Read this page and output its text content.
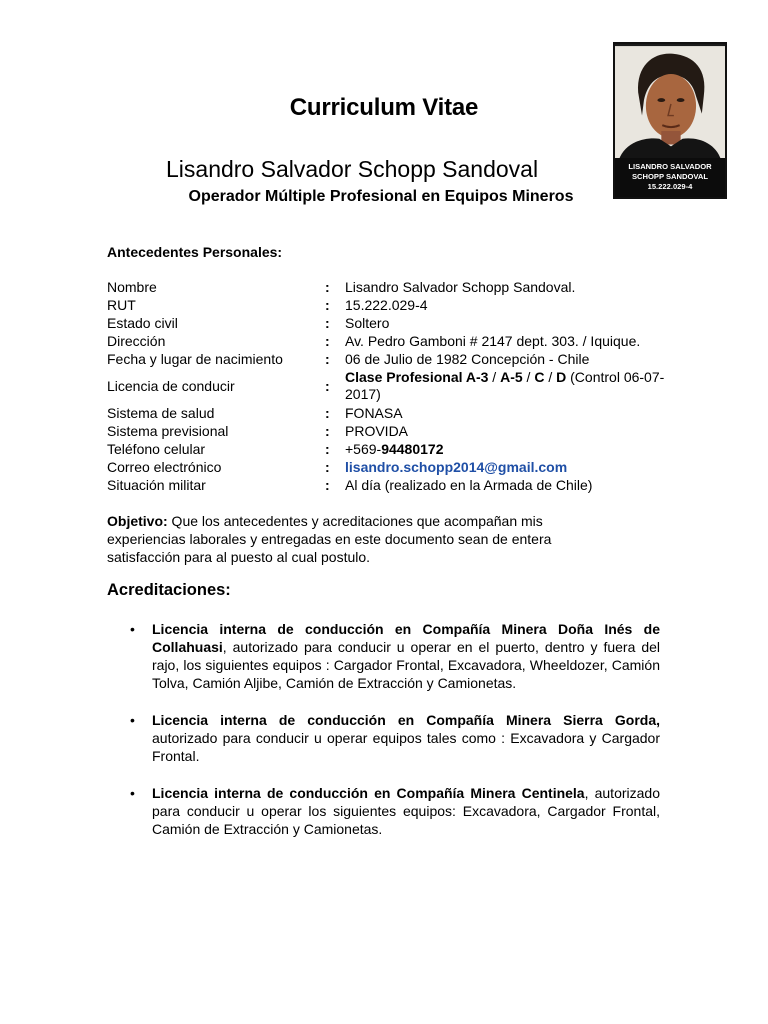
LISANDRO SALVADOR
SCHOPP SANDOVAL
15.222.029-4
Curriculum Vitae
Lisandro Salvador Schopp Sandoval
Operador Múltiple Profesional en Equipos Mineros
Antecedentes Personales:
Nombre	:	Lisandro Salvador Schopp Sandoval.
RUT	:	15.222.029-4
Estado civil	:	Soltero
Dirección	:	Av. Pedro Gamboni # 2147 dept. 303. / Iquique.
Fecha y lugar de nacimiento	:	06 de Julio de 1982 Concepción - Chile
Licencia de conducir	:
Clase Profesional A-3 / A-5 / C / D (Control 06-07-2017)
Sistema de salud	:	FONASA
Sistema previsional	:	PROVIDA
Teléfono celular	:	+569-94480172
Correo electrónico	:	lisandro.schopp2014@gmail.com
Situación militar	:	Al día (realizado en la Armada de Chile)
Objetivo: Que los antecedentes y acreditaciones que acompañan mis experiencias laborales y entregadas en este documento sean de entera satisfacción para al puesto al cual postulo.
Acreditaciones:
• Licencia interna de conducción en Compañía Minera Doña Inés de Collahuasi, autorizado para conducir u operar en el puerto, dentro y fuera del rajo, los siguientes equipos : Cargador Frontal, Excavadora, Wheeldozer, Camión Tolva, Camión Aljibe, Camión de Extracción y Camionetas.
• Licencia interna de conducción en Compañía Minera Sierra Gorda, autorizado para conducir u operar equipos tales como : Excavadora y Cargador Frontal.
• Licencia interna de conducción en Compañía Minera Centinela, autorizado para conducir u operar los siguientes equipos: Excavadora, Cargador Frontal, Camión de Extracción y Camionetas.
